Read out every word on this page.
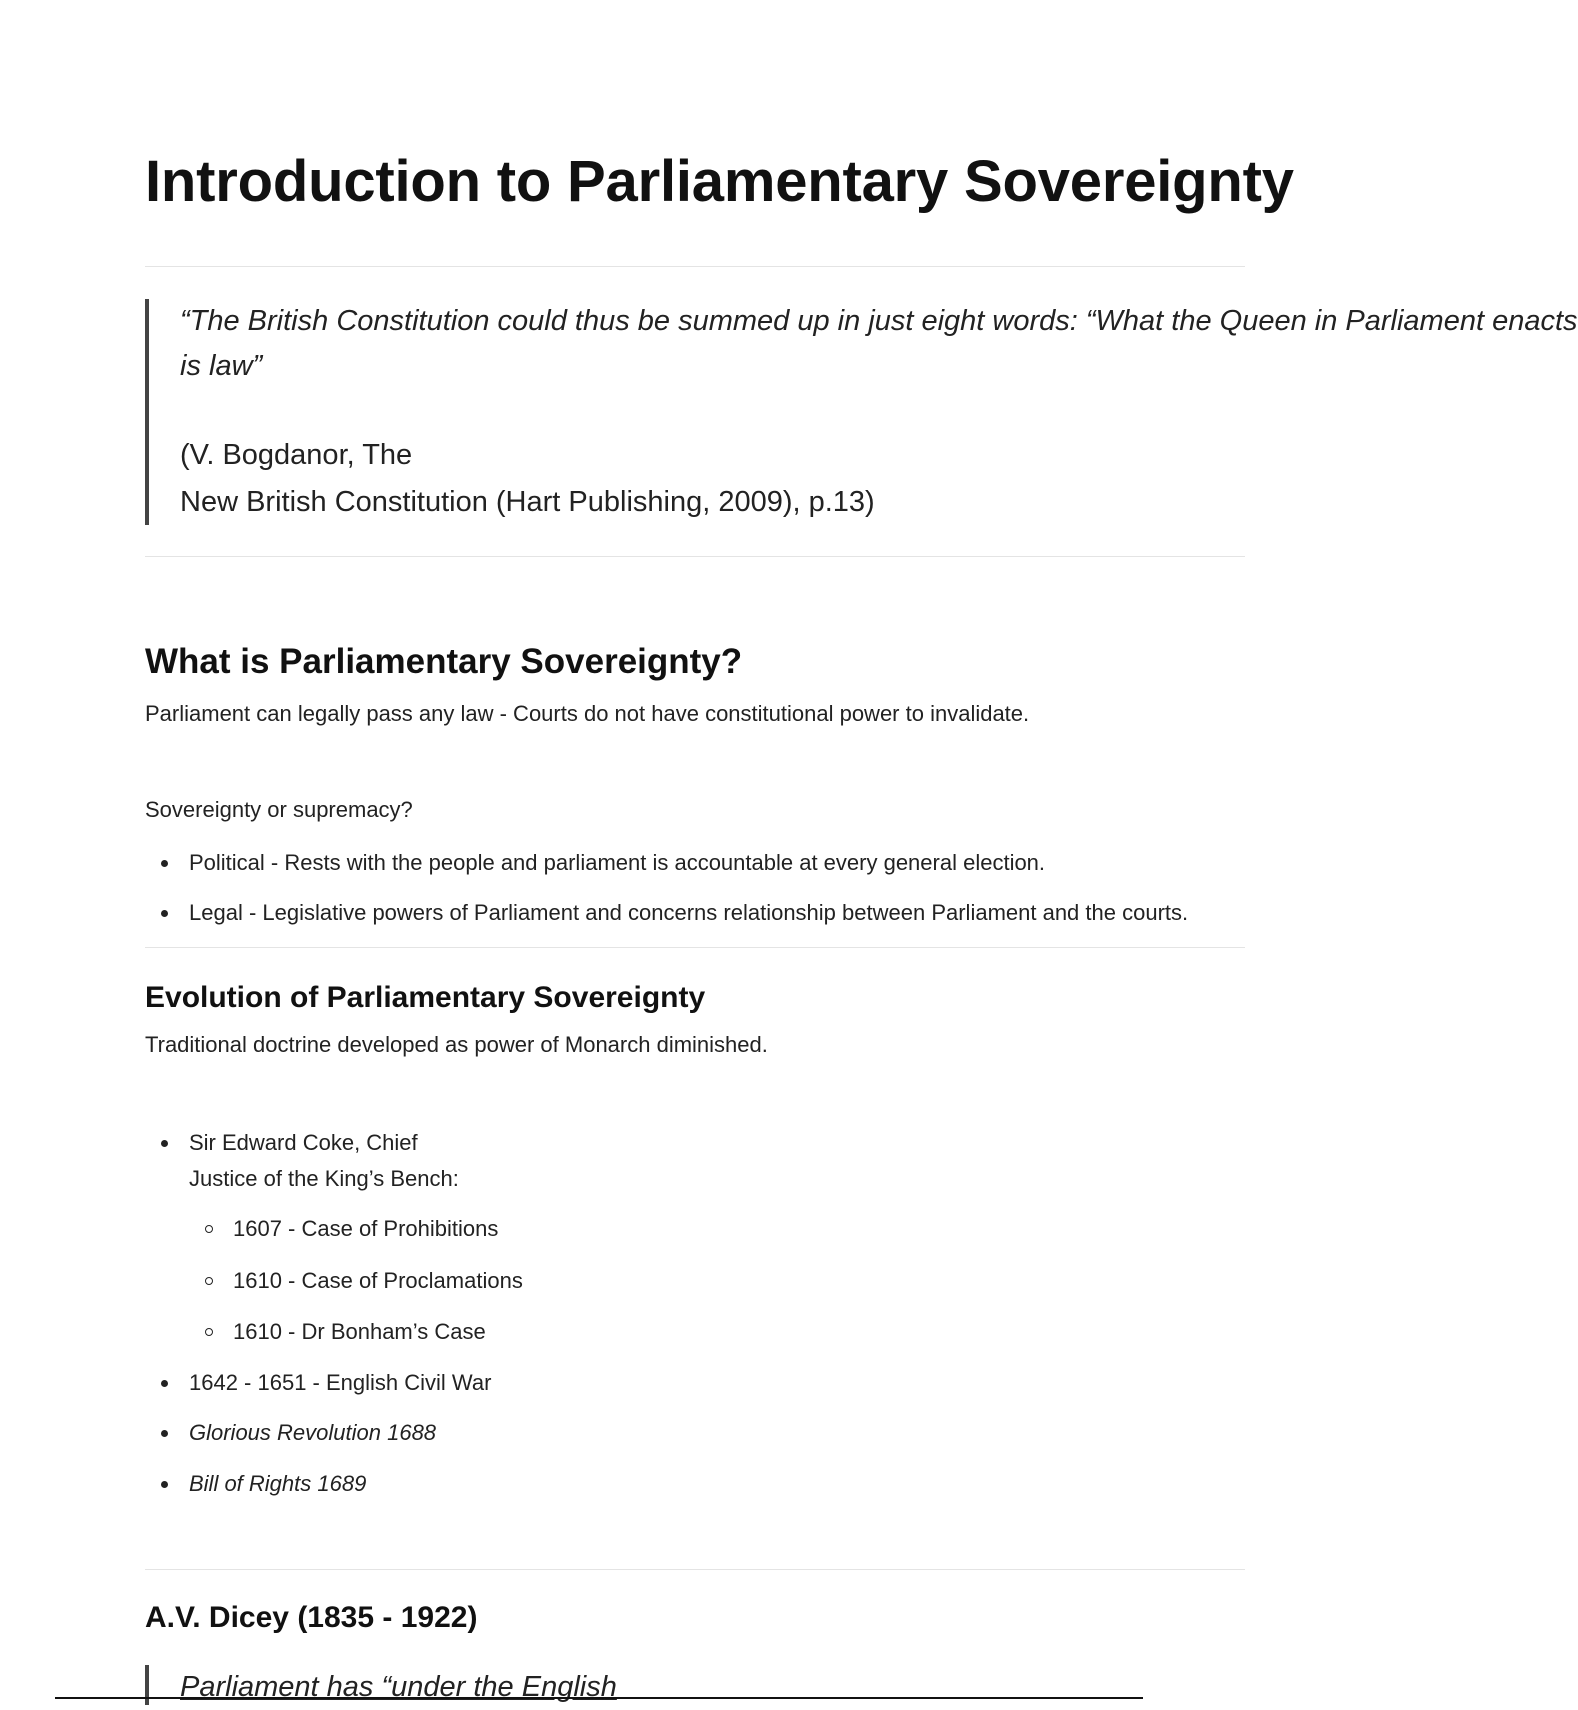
Introduction to Parliamentary Sovereignty

“The British Constitution could thus be summed up in just eight words: “What the Queen in Parliament enacts

is law”

(V. Bogdanor, The

New British Constitution (Hart Publishing, 2009), p.13)

What is Parliamentary Sovereignty?

Parliament can legally pass any law - Courts do not have constitutional power to invalidate.

Sovereignty or supremacy?

Political - Rests with the people and parliament is accountable at every general election.
Legal - Legislative powers of Parliament and concerns relationship between Parliament and the courts.
Evolution of Parliamentary Sovereignty

Traditional doctrine developed as power of Monarch diminished.

Sir Edward Coke, Chief
Justice of the King’s Bench:
1607 - Case of Prohibitions
1610 - Case of Proclamations
1610 - Dr Bonham’s Case
1642 - 1651 - English Civil War
Glorious Revolution 1688
Bill of Rights 1689
A.V. Dicey (1835 - 1922)

Parliament has “under the English
